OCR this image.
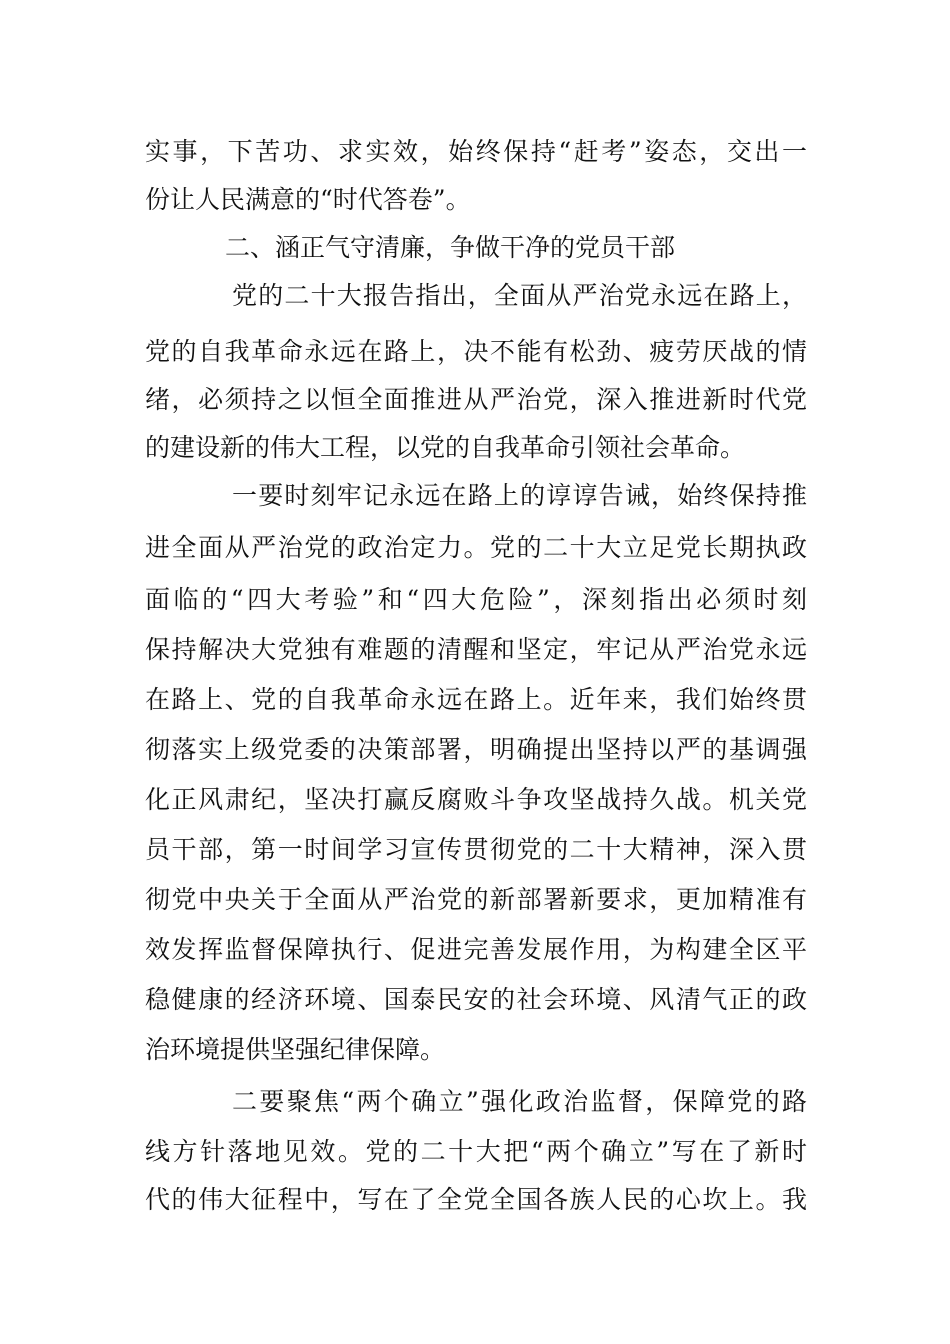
实事，下苦功、求实效，始终保持“赶考”姿态，交出一
份让人民满意的“时代答卷”。
二、涵正气守清廉，争做干净的党员干部
党的二十大报告指出，全面从严治党永远在路上，
党的自我革命永远在路上，决不能有松劲、疲劳厌战的情
绪，必须持之以恒全面推进从严治党，深入推进新时代党
的建设新的伟大工程，以党的自我革命引领社会革命。
一要时刻牢记永远在路上的谆谆告诫，始终保持推
进全面从严治党的政治定力。党的二十大立足党长期执政
面临的“四大考验”和“四大危险”，深刻指出必须时刻
保持解决大党独有难题的清醒和坚定，牢记从严治党永远
在路上、党的自我革命永远在路上。近年来，我们始终贯
彻落实上级党委的决策部署，明确提出坚持以严的基调强
化正风肃纪，坚决打赢反腐败斗争攻坚战持久战。机关党
员干部，第一时间学习宣传贯彻党的二十大精神，深入贯
彻党中央关于全面从严治党的新部署新要求，更加精准有
效发挥监督保障执行、促进完善发展作用，为构建全区平
稳健康的经济环境、国泰民安的社会环境、风清气正的政
治环境提供坚强纪律保障。
二要聚焦“两个确立”强化政治监督，保障党的路
线方针落地见效。党的二十大把“两个确立”写在了新时
代的伟大征程中，写在了全党全国各族人民的心坎上。我
